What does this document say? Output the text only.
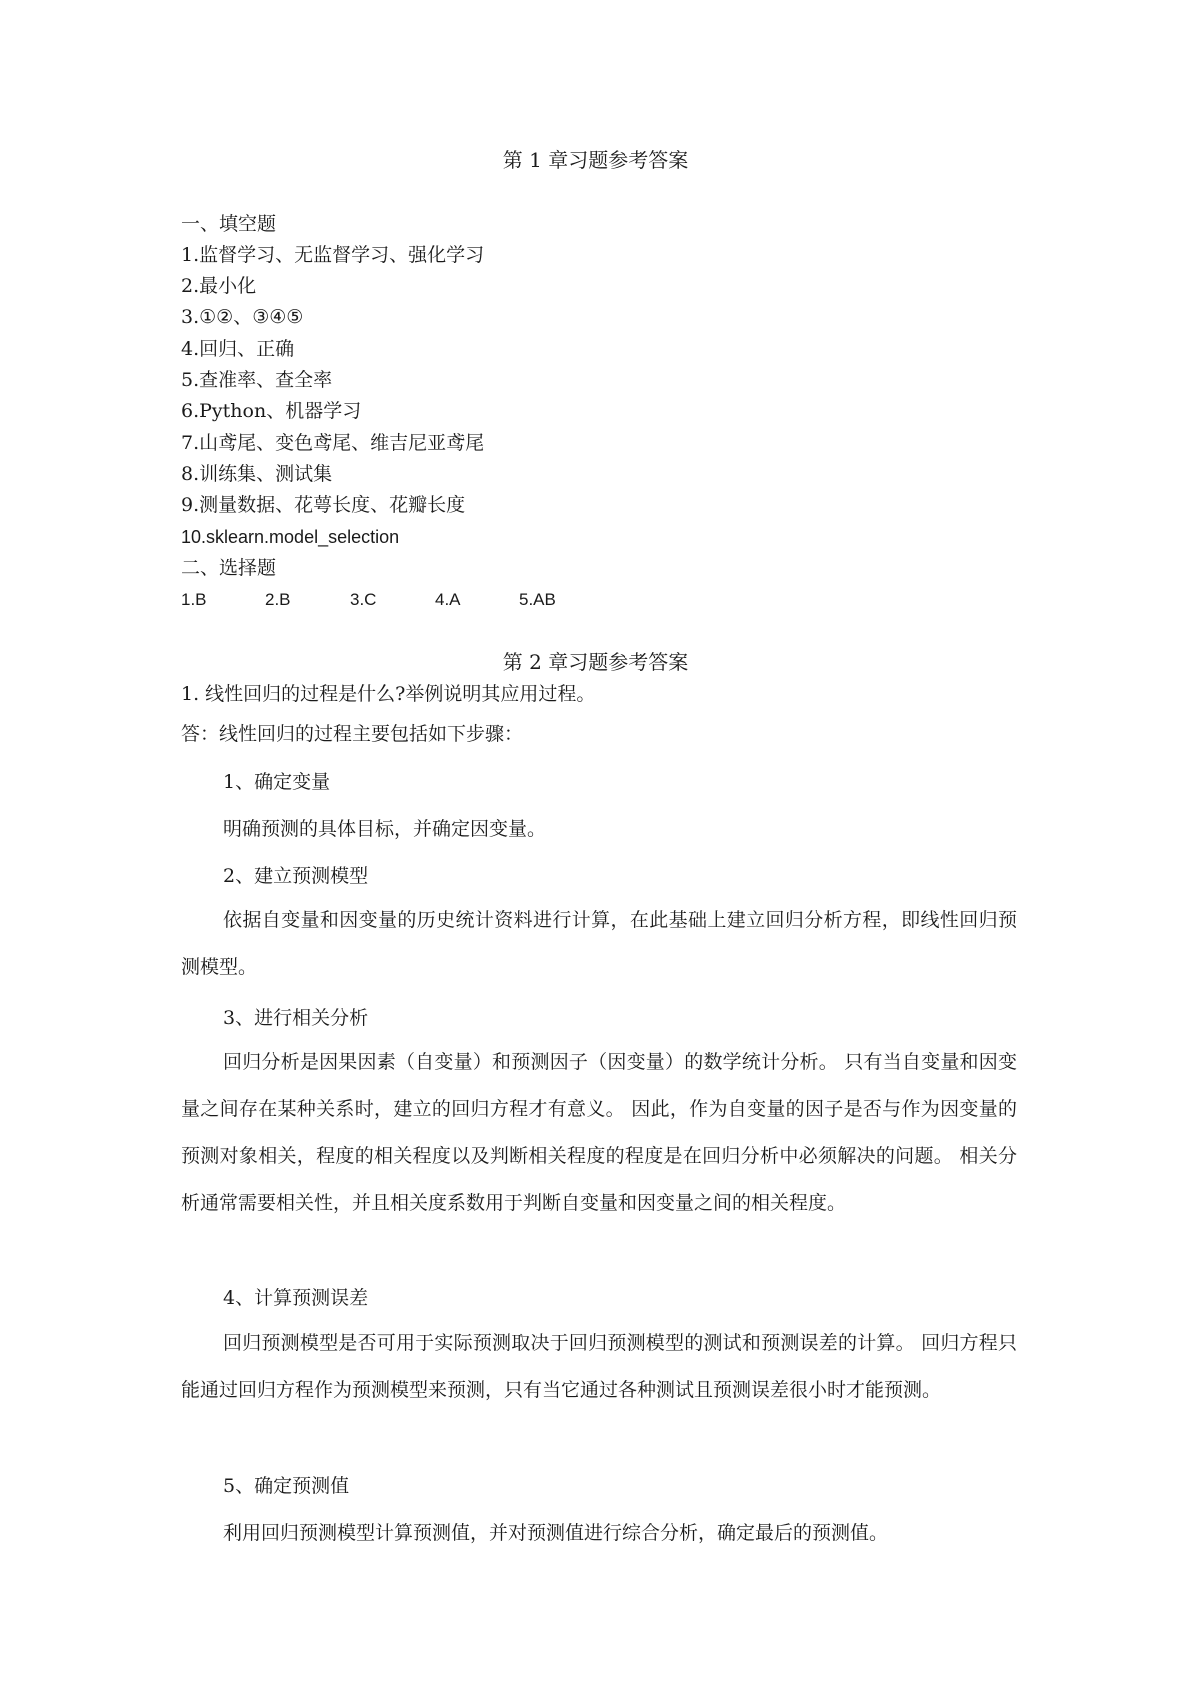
第 1 章习题参考答案
一、填空题
1.监督学习、无监督学习、强化学习
2.最小化
3.①②、③④⑤
4.回归、正确
5.查准率、查全率
6.Python、机器学习
7.山鸢尾、变色鸢尾、维吉尼亚鸢尾
8.训练集、测试集
9.测量数据、花萼长度、花瓣长度
10.sklearn.model_selection
二、选择题
1.B	2.B	3.C	4.A	5.AB
第 2 章习题参考答案
1. 线性回归的过程是什么?举例说明其应用过程。
答：线性回归的过程主要包括如下步骤：
1、确定变量
明确预测的具体目标，并确定因变量。
2、建立预测模型
依据自变量和因变量的历史统计资料进行计算，在此基础上建立回归分析方程，即线性回归预测模型。
3、进行相关分析
回归分析是因果因素（自变量）和预测因子（因变量）的数学统计分析。 只有当自变量和因变量之间存在某种关系时，建立的回归方程才有意义。 因此，作为自变量的因子是否与作为因变量的预测对象相关，程度的相关程度以及判断相关程度的程度是在回归分析中必须解决的问题。 相关分析通常需要相关性，并且相关度系数用于判断自变量和因变量之间的相关程度。
4、计算预测误差
回归预测模型是否可用于实际预测取决于回归预测模型的测试和预测误差的计算。 回归方程只能通过回归方程作为预测模型来预测，只有当它通过各种测试且预测误差很小时才能预测。
5、确定预测值
利用回归预测模型计算预测值，并对预测值进行综合分析，确定最后的预测值。
